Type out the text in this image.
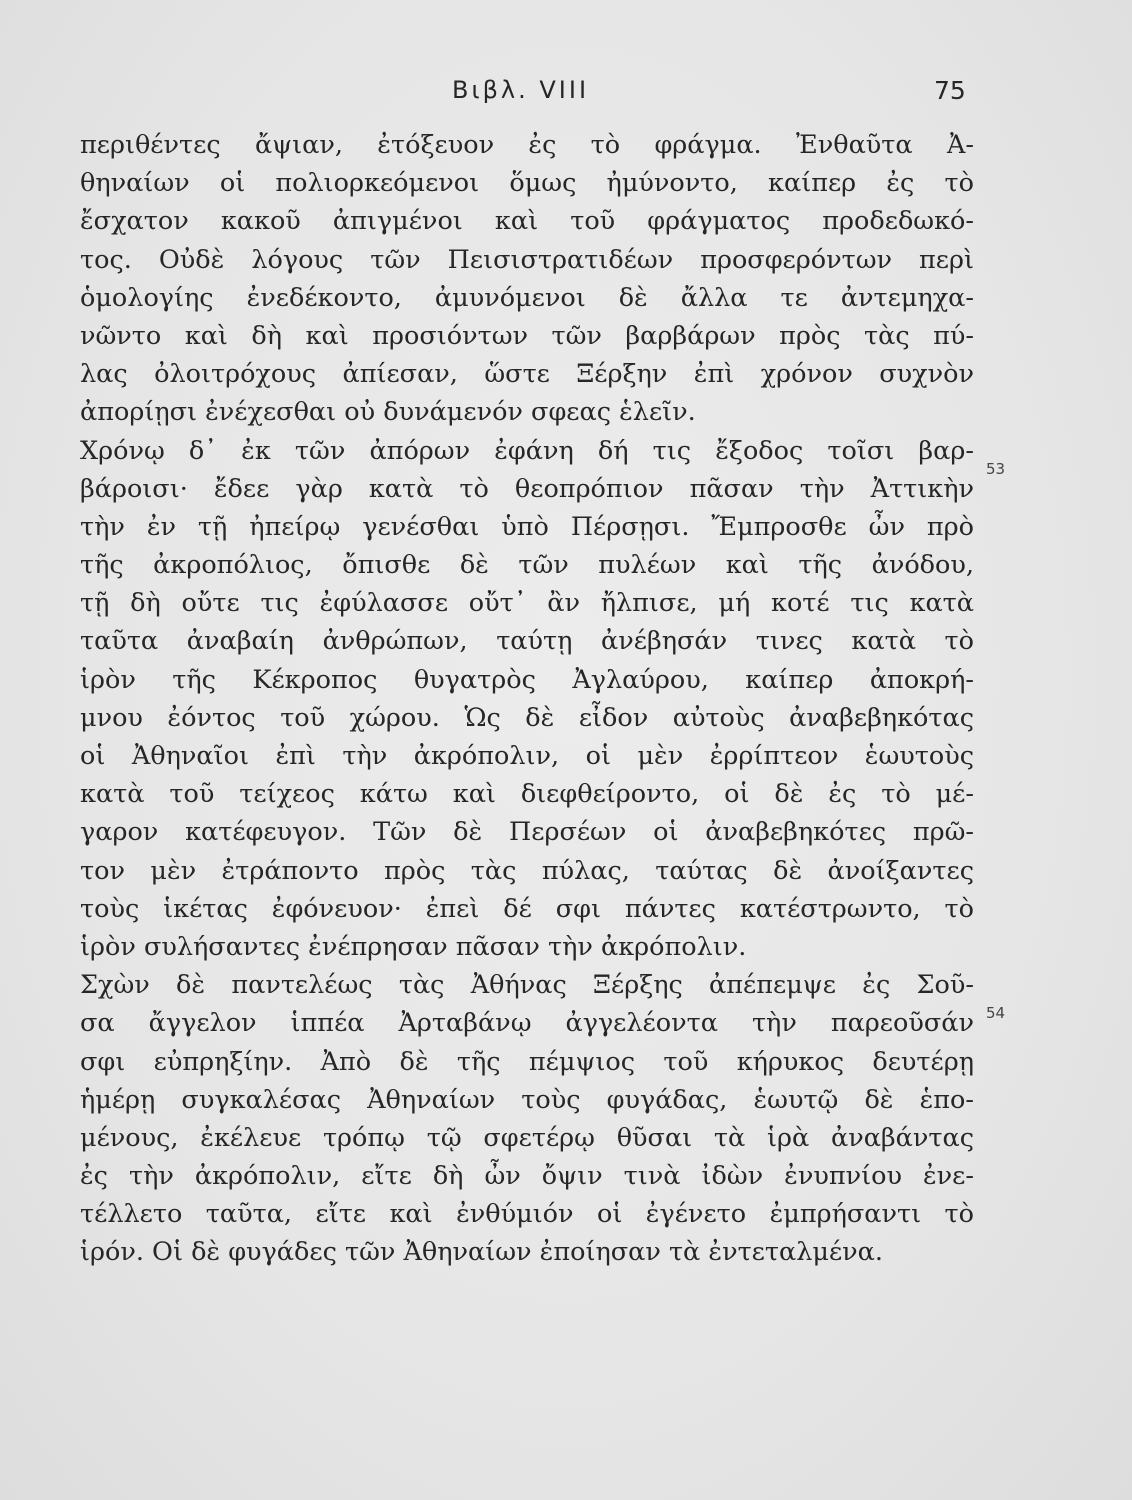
Βιβλ. VIII	75
53
54
περιθέντες ἄψιαν, ἐτόξευον ἐς τὸ φράγμα. Ἐνθαῦτα Ἀ-
θηναίων οἱ πολιορκεόμενοι ὅμως ἠμύνοντο, καίπερ ἐς τὸ
ἔσχατον κακοῦ ἀπιγμένοι καὶ τοῦ φράγματος προδεδωκό-
τος. Οὐδὲ λόγους τῶν Πεισιστρατιδέων προσφερόντων περὶ
ὁμολογίης ἐνεδέκοντο, ἀμυνόμενοι δὲ ἄλλα τε ἀντεμηχα-
νῶντο καὶ δὴ καὶ προσιόντων τῶν βαρβάρων πρὸς τὰς πύ-
λας ὀλοιτρόχους ἀπίεσαν, ὥστε Ξέρξην ἐπὶ χρόνον συχνὸν
ἀπορίῃσι ἐνέχεσθαι οὐ δυνάμενόν σφεας ἑλεῖν.
Χρόνῳ δ᾽ ἐκ τῶν ἀπόρων ἐφάνη δή τις ἔξοδος τοῖσι βαρ-
βάροισι· ἔδεε γὰρ κατὰ τὸ θεοπρόπιον πᾶσαν τὴν Ἀττικὴν
τὴν ἐν τῇ ἠπείρῳ γενέσθαι ὑπὸ Πέρσῃσι. Ἔμπροσθε ὦν πρὸ
τῆς ἀκροπόλιος, ὄπισθε δὲ τῶν πυλέων καὶ τῆς ἀνόδου,
τῇ δὴ οὔτε τις ἐφύλασσε οὔτ᾽ ἂν ἤλπισε, μή κοτέ τις κατὰ
ταῦτα ἀναβαίη ἀνθρώπων, ταύτῃ ἀνέβησάν τινες κατὰ τὸ
ἱρὸν τῆς Κέκροπος θυγατρὸς Ἀγλαύρου, καίπερ ἀποκρή-
μνου ἐόντος τοῦ χώρου. Ὡς δὲ εἶδον αὐτοὺς ἀναβεβηκότας
οἱ Ἀθηναῖοι ἐπὶ τὴν ἀκρόπολιν, οἱ μὲν ἐρρίπτεον ἑωυτοὺς
κατὰ τοῦ τείχεος κάτω καὶ διεφθείροντο, οἱ δὲ ἐς τὸ μέ-
γαρον κατέφευγον. Τῶν δὲ Περσέων οἱ ἀναβεβηκότες πρῶ-
τον μὲν ἐτράποντο πρὸς τὰς πύλας, ταύτας δὲ ἀνοίξαντες
τοὺς ἱκέτας ἐφόνευον· ἐπεὶ δέ σφι πάντες κατέστρωντο, τὸ
ἱρὸν συλήσαντες ἐνέπρησαν πᾶσαν τὴν ἀκρόπολιν.
Σχὼν δὲ παντελέως τὰς Ἀθήνας Ξέρξης ἀπέπεμψε ἐς Σοῦ-
σα ἄγγελον ἱππέα Ἀρταβάνῳ ἀγγελέοντα τὴν παρεοῦσάν
σφι εὐπρηξίην. Ἀπὸ δὲ τῆς πέμψιος τοῦ κήρυκος δευτέρῃ
ἡμέρῃ συγκαλέσας Ἀθηναίων τοὺς φυγάδας, ἑωυτῷ δὲ ἑπο-
μένους, ἐκέλευε τρόπῳ τῷ σφετέρῳ θῦσαι τὰ ἱρὰ ἀναβάντας
ἐς τὴν ἀκρόπολιν, εἴτε δὴ ὦν ὄψιν τινὰ ἰδὼν ἐνυπνίου ἐνε-
τέλλετο ταῦτα, εἴτε καὶ ἐνθύμιόν οἱ ἐγένετο ἐμπρήσαντι τὸ
ἱρόν. Οἱ δὲ φυγάδες τῶν Ἀθηναίων ἐποίησαν τὰ ἐντεταλμένα.
